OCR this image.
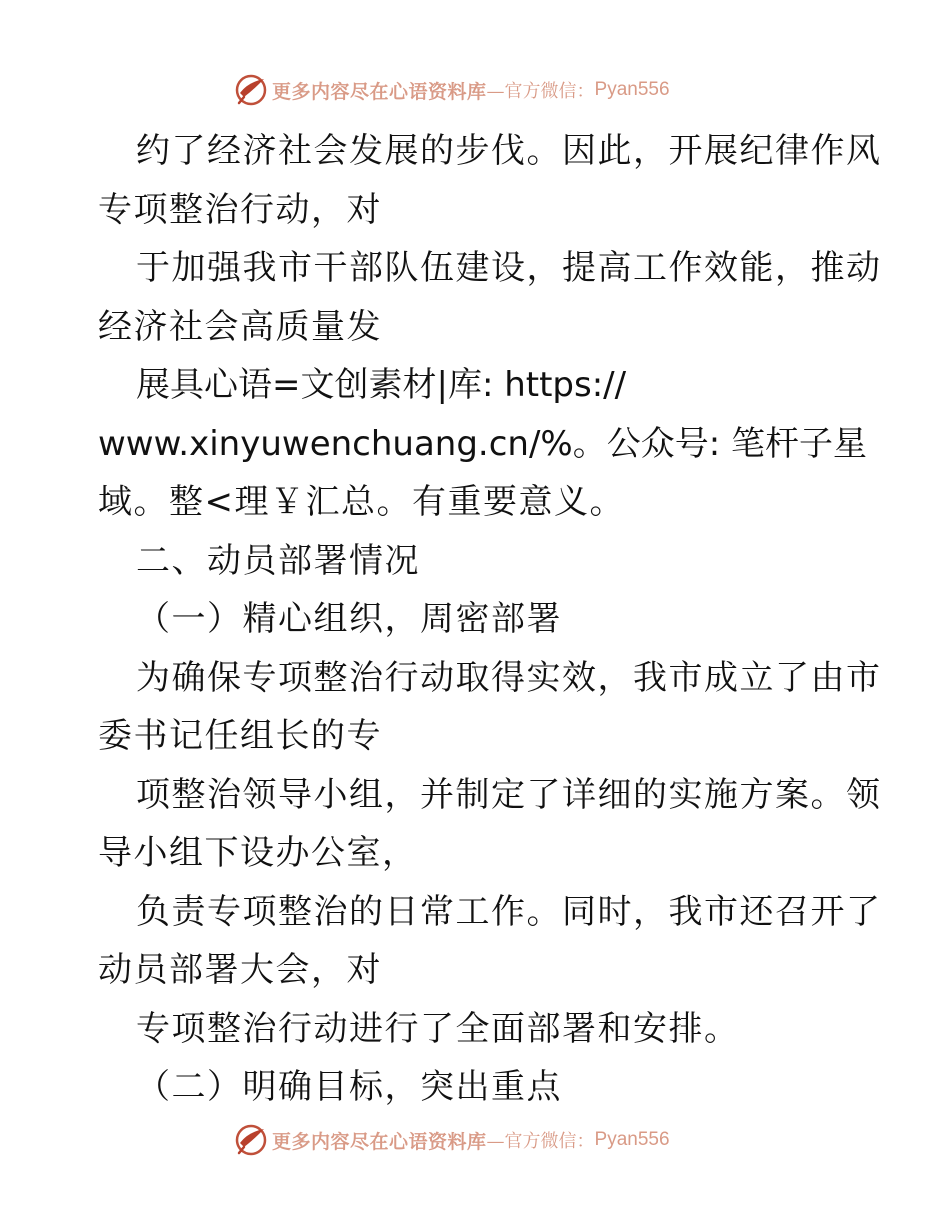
更多内容尽在心语资料库 —官方微信： Pyan556
约了经济社会发展的步伐。因此，开展纪律作风
专项整治行动，对
于加强我市干部队伍建设，提高工作效能，推动
经济社会高质量发
展具心语=文创素材|库: https://
www.xinyuwenchuang.cn/%。公众号: 笔杆子星
域。整<理￥汇总。有重要意义。
二、动员部署情况
（一）精心组织，周密部署
为确保专项整治行动取得实效，我市成立了由市
委书记任组长的专
项整治领导小组，并制定了详细的实施方案。领
导小组下设办公室，
负责专项整治的日常工作。同时，我市还召开了
动员部署大会，对
专项整治行动进行了全面部署和安排。
（二）明确目标，突出重点
更多内容尽在心语资料库 —官方微信： Pyan556
